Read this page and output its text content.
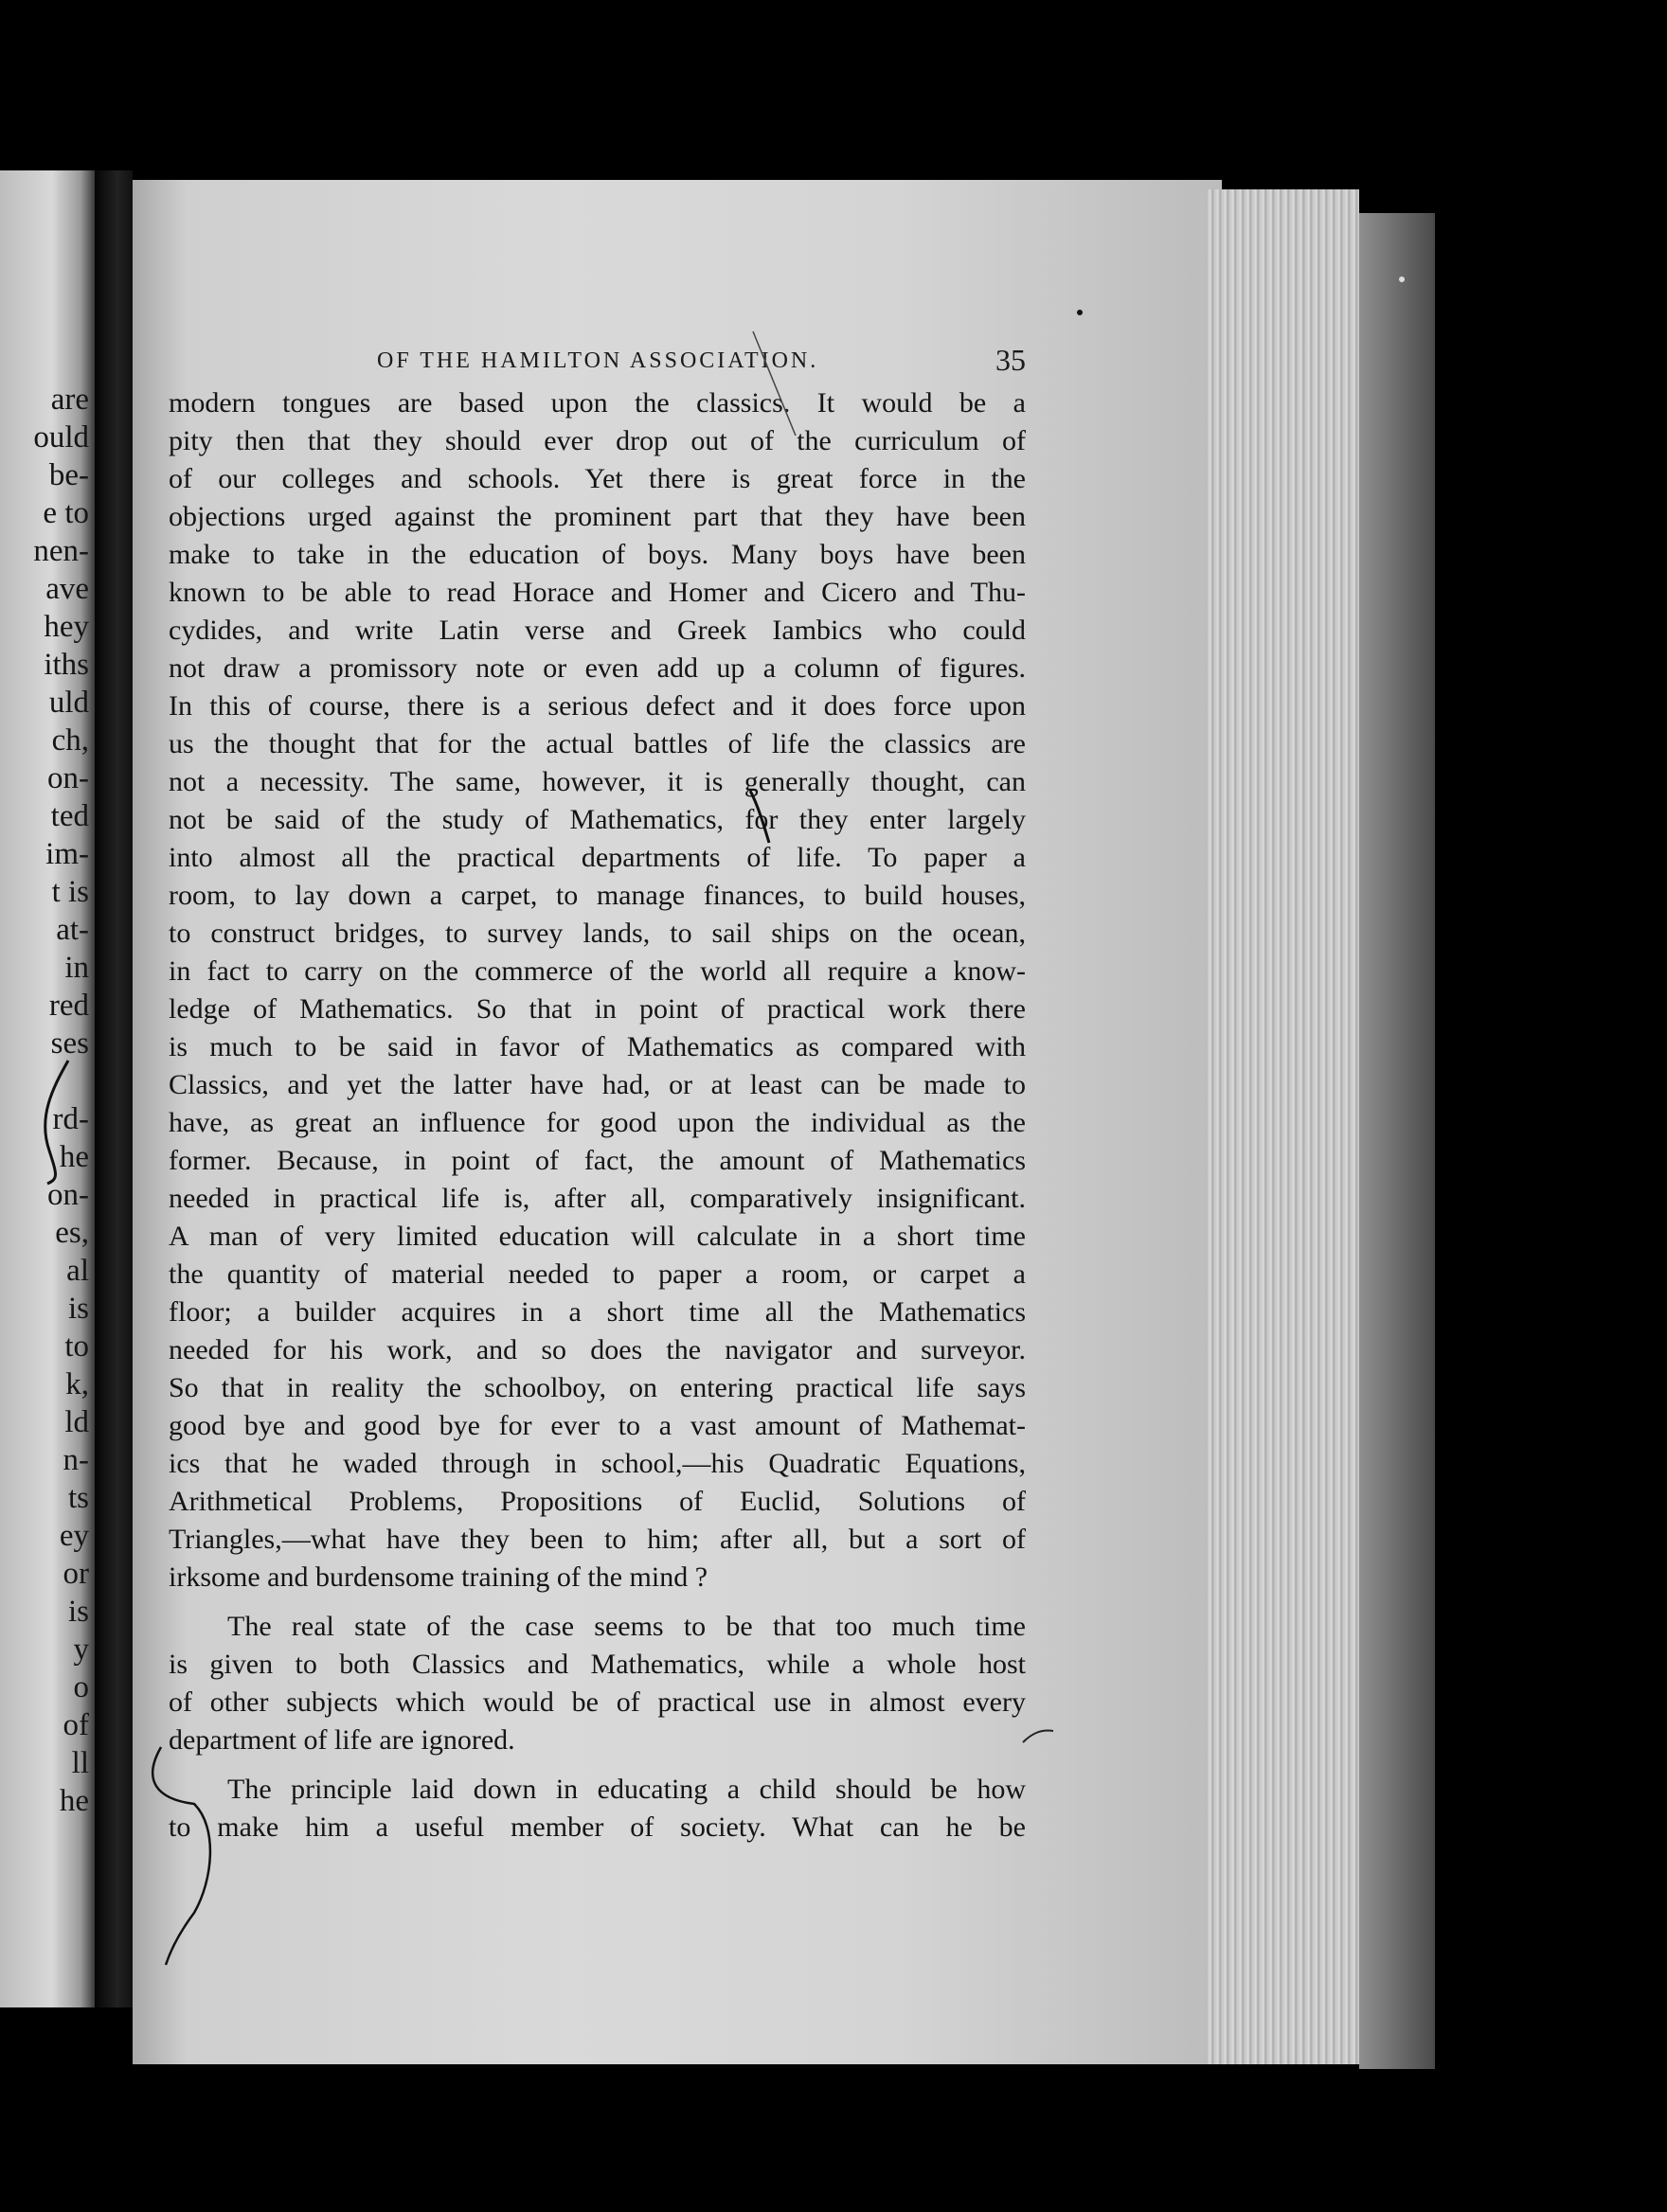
are
ould
be-
e to
nen-
ave
hey
iths
uld
ch,
on-
ted
im-
t is
at-
in
red
ses
rd-
he
on-
es,
al
is
to
k,
ld
n-
ts
ey
or
is
y
o
of
ll
he
OF THE HAMILTON ASSOCIATION.	35
modern tongues are based upon the classics. It would be a
pity then that they should ever drop out of the curriculum of
of our colleges and schools. Yet there is great force in the
objections urged against the prominent part that they have been
make to take in the education of boys. Many boys have been
known to be able to read Horace and Homer and Cicero and Thu-
cydides, and write Latin verse and Greek Iambics who could
not draw a promissory note or even add up a column of figures.
In this of course, there is a serious defect and it does force upon
us the thought that for the actual battles of life the classics are
not a necessity. The same, however, it is generally thought, can
not be said of the study of Mathematics, for they enter largely
into almost all the practical departments of life. To paper a
room, to lay down a carpet, to manage finances, to build houses,
to construct bridges, to survey lands, to sail ships on the ocean,
in fact to carry on the commerce of the world all require a know-
ledge of Mathematics. So that in point of practical work there
is much to be said in favor of Mathematics as compared with
Classics, and yet the latter have had, or at least can be made to
have, as great an influence for good upon the individual as the
former. Because, in point of fact, the amount of Mathematics
needed in practical life is, after all, comparatively insignificant.
A man of very limited education will calculate in a short time
the quantity of material needed to paper a room, or carpet a
floor; a builder acquires in a short time all the Mathematics
needed for his work, and so does the navigator and surveyor.
So that in reality the schoolboy, on entering practical life says
good bye and good bye for ever to a vast amount of Mathemat-
ics that he waded through in school,—his Quadratic Equations,
Arithmetical Problems, Propositions of Euclid, Solutions of
Triangles,—what have they been to him; after all, but a sort of
irksome and burdensome training of the mind ?
The real state of the case seems to be that too much time
is given to both Classics and Mathematics, while a whole host
of other subjects which would be of practical use in almost every
department of life are ignored.
The principle laid down in educating a child should be how
to make him a useful member of society. What can he be
